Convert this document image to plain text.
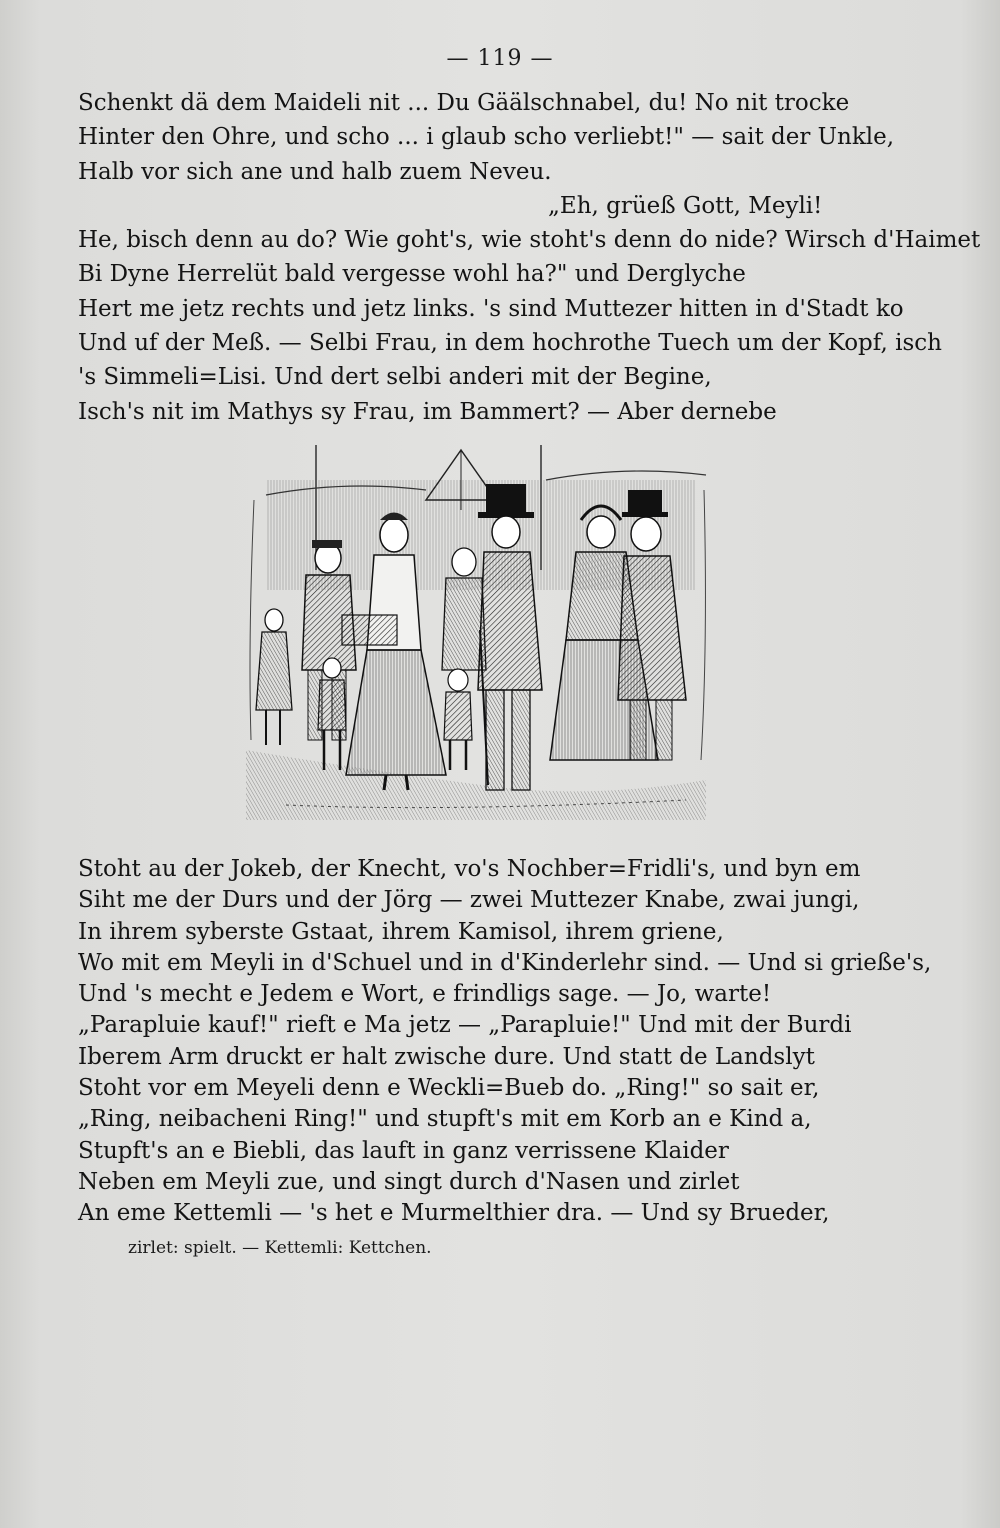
— 119 —
Schenkt dä dem Maideli nit ... Du Gäälschnabel, du! No nit trocke
Hinter den Ohre, und scho ... i glaub scho verliebt!" — sait der Unkle,
Halb vor sich ane und halb zuem Neveu.
„Eh, grüeß Gott, Meyli!
He, bisch denn au do? Wie goht's, wie stoht's denn do nide? Wirsch d'Haimet
Bi Dyne Herrelüt bald vergesse wohl ha?" und Derglyche
Hert me jetz rechts und jetz links. 's sind Muttezer hitten in d'Stadt ko
Und uf der Meß. — Selbi Frau, in dem hochrothe Tuech um der Kopf, isch
's Simmeli=Lisi. Und dert selbi anderi mit der Begine,
Isch's nit im Mathys sy Frau, im Bammert? — Aber dernebe
Stoht au der Jokeb, der Knecht, vo's Nochber=Fridli's, und byn em
Siht me der Durs und der Jörg — zwei Muttezer Knabe, zwai jungi,
In ihrem syberste Gstaat, ihrem Kamisol, ihrem griene,
Wo mit em Meyli in d'Schuel und in d'Kinderlehr sind. — Und si grieße's,
Und 's mecht e Jedem e Wort, e frindligs sage. — Jo, warte!
„Parapluie kauf!" rieft e Ma jetz — „Parapluie!" Und mit der Burdi
Iberem Arm druckt er halt zwische dure. Und statt de Landslyt
Stoht vor em Meyeli denn e Weckli=Bueb do. „Ring!" so sait er,
„Ring, neibacheni Ring!" und stupft's mit em Korb an e Kind a,
Stupft's an e Biebli, das lauft in ganz verrissene Klaider
Neben em Meyli zue, und singt durch d'Nasen und zirlet
An eme Kettemli — 's het e Murmelthier dra. — Und sy Brueder,
zirlet: spielt. — Kettemli: Kettchen.
